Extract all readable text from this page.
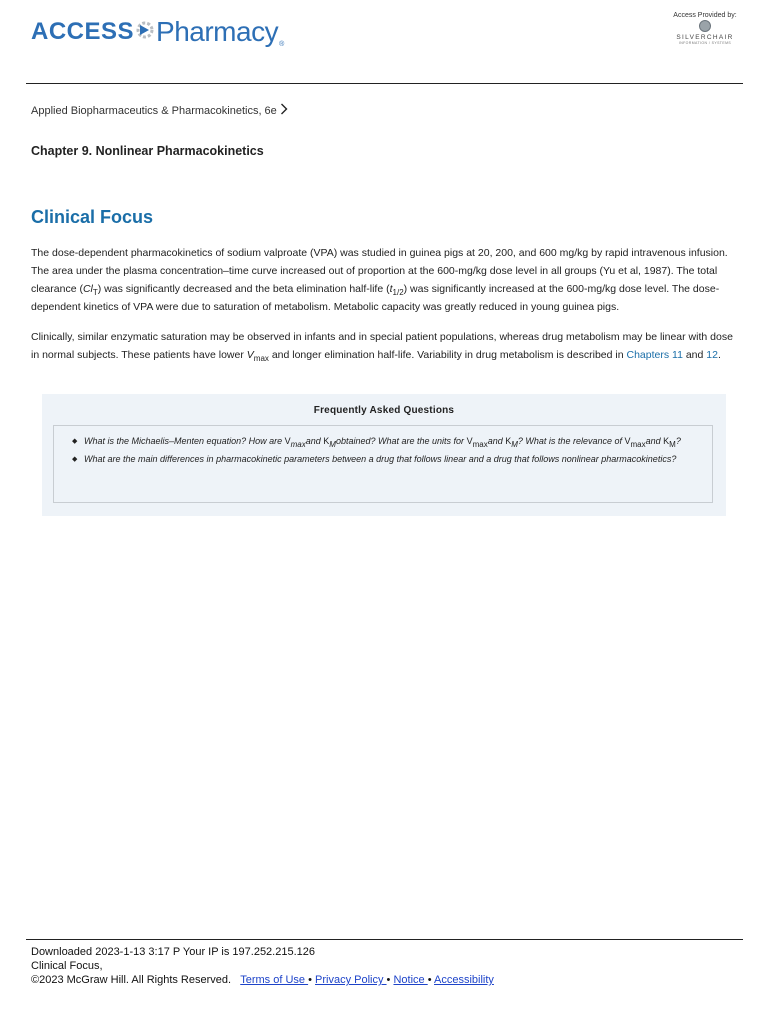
ACCESS Pharmacy ®
Access Provided by:
SILVERCHAIR
INFORMATION / SYSTEMS
Applied Biopharmaceutics & Pharmacokinetics, 6e
Chapter 9. Nonlinear Pharmacokinetics
Clinical Focus

The dose-dependent pharmacokinetics of sodium valproate (VPA) was studied in guinea pigs at 20, 200, and 600 mg/kg by rapid intravenous infusion. The area under the plasma concentration–time curve increased out of proportion at the 600-mg/kg dose level in all groups (Yu et al, 1987). The total clearance $(Cl_T)$ was significantly decreased and the beta elimination half-life $(t_{1/2})$ was significantly increased at the 600-mg/kg dose level. The dose-dependent kinetics of VPA were due to saturation of metabolism. Metabolic capacity was greatly reduced in young guinea pigs.

Clinically, similar enzymatic saturation may be observed in infants and in special patient populations, whereas drug metabolism may be linear with dose in normal subjects. These patients have lower $V_{max}$ and longer elimination half-life. Variability in drug metabolism is described in Chapters 11 and 12.

Frequently Asked Questions
◆ What is the Michaelis–Menten equation? How are $V_{max}and$ $K_Mobtained$? What are the units for $V_{max}and$ $K_M$? What is the relevance of $V_{max}and$ $K_M$?
◆ What are the main differences in pharmacokinetic parameters between a drug that follows linear and a drug that follows nonlinear pharmacokinetics?
Downloaded 2023-1-13 3:17 P Your IP is 197.252.215.126
Clinical Focus,
©2023 McGraw Hill. All Rights Reserved. Terms of Use • Privacy Policy • Notice • Accessibility
